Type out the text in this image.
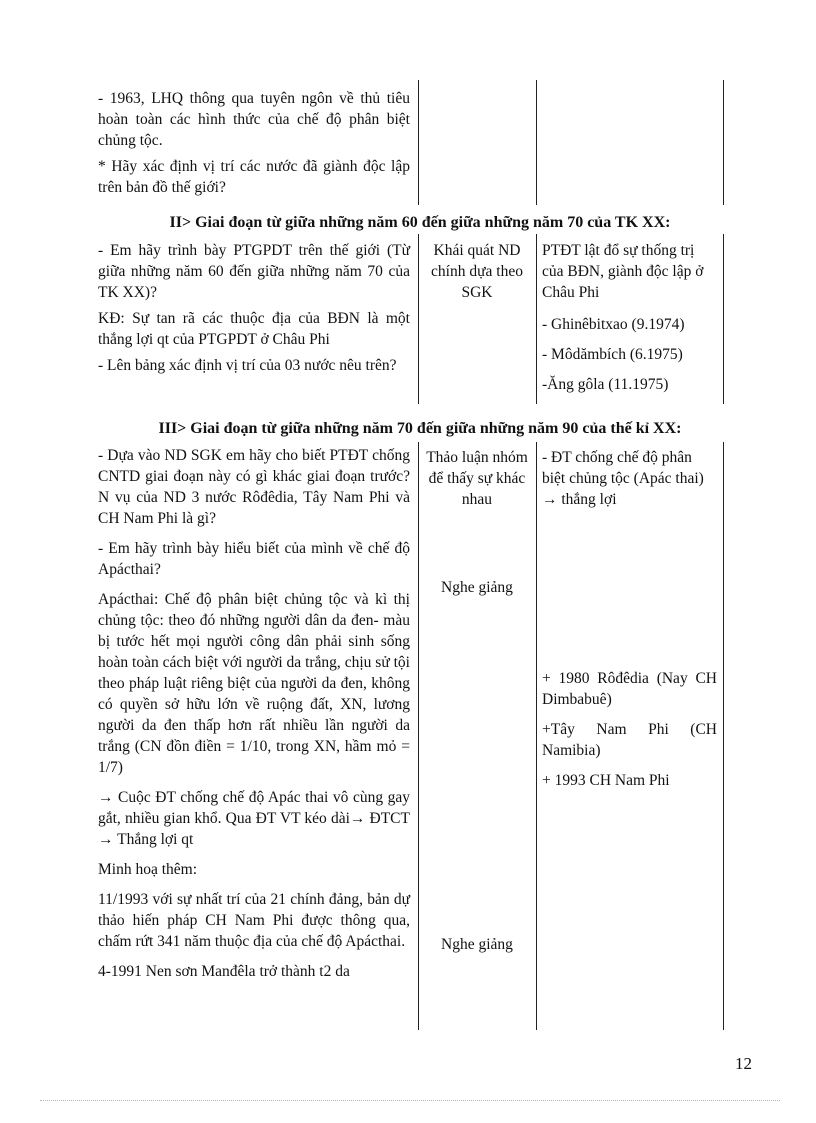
- 1963, LHQ thông qua tuyên ngôn về thủ tiêu hoàn toàn các hình thức của chế độ phân biệt chủng tộc.

* Hãy xác định vị trí các nước đã giành độc lập trên bản đồ thế giới?

II> Giai đoạn từ giữa những năm 60 đến giữa những năm 70 của TK XX:

- Em hãy trình bày PTGPDT trên thế giới (Từ giữa những năm 60 đến giữa những năm 70 của TK XX)?

KĐ: Sự tan rã các thuộc địa của BĐN là một thắng lợi qt của PTGPDT ở Châu Phi

- Lên bảng xác định vị trí của 03 nước nêu trên?

Khái quát ND chính dựa theo SGK

PTĐT lật đổ sự thống trị của BĐN, giành độc lập ở Châu Phi

- Ghinêbitxao (9.1974)

- Môdămbích (6.1975)

-Ăng gôla (11.1975)

III> Giai đoạn từ giữa những năm 70 đến giữa những năm 90 của thế kỉ XX:

- Dựa vào ND SGK em hãy cho biết PTĐT chống CNTD giai đoạn này có gì khác giai đoạn trước? N vụ của ND 3 nước Rôđêdia, Tây Nam Phi và CH Nam Phi là gì?

- Em hãy trình bày hiểu biết của mình về chế độ Apácthai?

Apácthai: Chế độ phân biệt chủng tộc và kì thị chủng tộc: theo đó những người dân da đen- màu bị tước hết mọi người công dân phải sinh sống hoàn toàn cách biệt với người da trắng, chịu sử tội theo pháp luật riêng biệt của người da đen, không có quyền sở hữu lớn về ruộng đất, XN, lương người da đen thấp hơn rất nhiều lần người da trắng (CN đồn điền = 1/10, trong XN, hầm mỏ = 1/7)

→ Cuộc ĐT chống chế độ Apác thai vô cùng gay gắt, nhiều gian khổ. Qua ĐT VT kéo dài→ ĐTCT → Thắng lợi qt

Minh hoạ thêm:

11/1993 với sự nhất trí của 21 chính đảng, bản dự thảo hiến pháp CH Nam Phi được thông qua, chấm rứt 341 năm thuộc địa của chế độ Apácthai.

4-1991 Nen sơn Manđêla trở thành t2 da

Thảo luận nhóm để thấy sự khác nhau
Nghe giảng
Nghe giảng
- ĐT chống chế độ phân biệt chủng tộc (Apác thai) → thắng lợi

+ 1980 Rôđêdia (Nay CH Dimbabuê)

+Tây Nam Phi (CH Namibia)

+ 1993 CH Nam Phi

12
